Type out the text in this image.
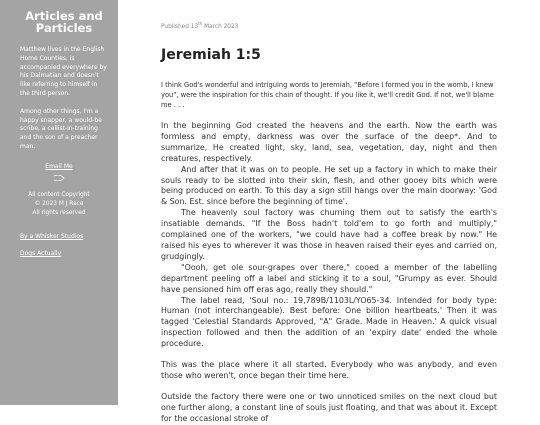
Articles and Particles

Matthew lives in the English Home Counties, is accompanied everywhere by his Dalmatian and doesn't like referring to himself in the third person.

Among other things, I'm a happy snapper, a would-be scribe, a cellist-in-training and the son of a preacher man.

Email Me
All content Copyright
© 2023 M J Race
All rights reserved
By a Whisker Studios
Dogs Actually
Published 13th March 2023
Jeremiah 1:5

I think God's wonderful and intriguing words to Jeremiah, "Before I formed you in the womb, I knew you", were the inspiration for this chain of thought. If you like it, we'll credit God. If not, we'll blame me . . .

In the beginning God created the heavens and the earth. Now the earth was formless and empty, darkness was over the surface of the deep*. And to summarize, He created light, sky, land, sea, vegetation, day, night and then creatures, respectively.

And after that it was on to people. He set up a factory in which to make their souls ready to be slotted into their skin, flesh, and other gooey bits which were being produced on earth. To this day a sign still hangs over the main doorway: 'God & Son. Est. since before the beginning of time'.

The heavenly soul factory was churning them out to satisfy the earth's insatiable demands. "If the Boss hadn't told'em to go forth and multiply," complained one of the workers, "we could have had a coffee break by now." He raised his eyes to wherever it was those in heaven raised their eyes and carried on, grudgingly.

"Oooh, get ole sour-grapes over there," cooed a member of the labelling department peeling off a label and sticking it to a soul, "Grumpy as ever. Should have pensioned him off eras ago, really they should."

The label read, 'Soul no.: 19,789B/1103L/YO65-34. Intended for body type: Human (not interchangeable). Best before: One billion heartbeats.' Then it was tagged 'Celestial Standards Approved, "A" Grade. Made in Heaven.' A quick visual inspection followed and then the addition of an 'expiry date' ended the whole procedure.

This was the place where it all started. Everybody who was anybody, and even those who weren't, once began their time here.

Outside the factory there were one or two unnoticed smiles on the next cloud but one further along, a constant line of souls just floating, and that was about it. Except for the occasional stroke of
